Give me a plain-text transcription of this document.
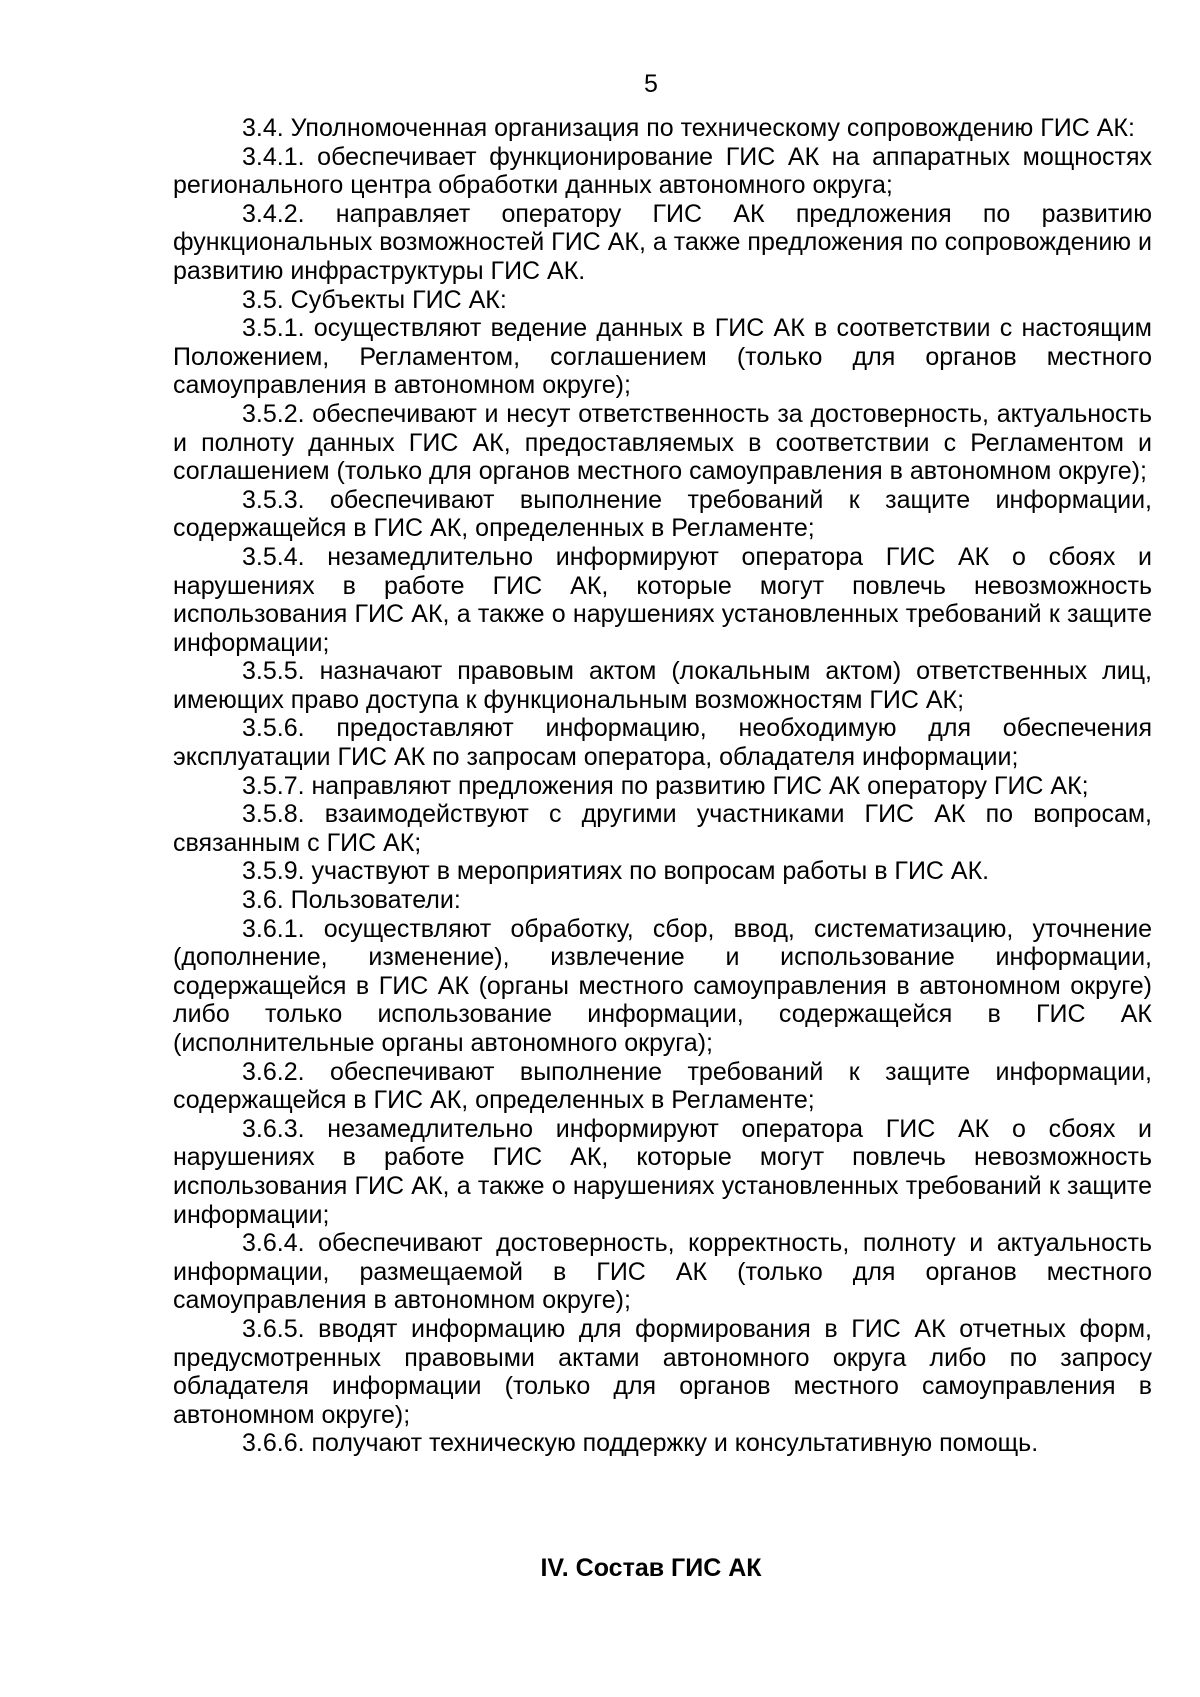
5

3.4. Уполномоченная организация по техническому сопровождению ГИС АК:

3.4.1. обеспечивает функционирование ГИС АК на аппаратных мощностях регионального центра обработки данных автономного округа;

3.4.2. направляет оператору ГИС АК предложения по развитию функциональных возможностей ГИС АК, а также предложения по сопровождению и развитию инфраструктуры ГИС АК.

3.5. Субъекты ГИС АК:

3.5.1. осуществляют ведение данных в ГИС АК в соответствии с настоящим Положением, Регламентом, соглашением (только для органов местного самоуправления в автономном округе);

3.5.2. обеспечивают и несут ответственность за достоверность, актуальность и полноту данных ГИС АК, предоставляемых в соответствии с Регламентом и соглашением (только для органов местного самоуправления в автономном округе);

3.5.3. обеспечивают выполнение требований к защите информации, содержащейся в ГИС АК, определенных в Регламенте;

3.5.4. незамедлительно информируют оператора ГИС АК о сбоях и нарушениях в работе ГИС АК, которые могут повлечь невозможность использования ГИС АК, а также о нарушениях установленных требований к защите информации;

3.5.5. назначают правовым актом (локальным актом) ответственных лиц, имеющих право доступа к функциональным возможностям ГИС АК;

3.5.6. предоставляют информацию, необходимую для обеспечения эксплуатации ГИС АК по запросам оператора, обладателя информации;

3.5.7. направляют предложения по развитию ГИС АК оператору ГИС АК;

3.5.8. взаимодействуют с другими участниками ГИС АК по вопросам, связанным с ГИС АК;

3.5.9. участвуют в мероприятиях по вопросам работы в ГИС АК.

3.6. Пользователи:

3.6.1. осуществляют обработку, сбор, ввод, систематизацию, уточнение (дополнение, изменение), извлечение и использование информации, содержащейся в ГИС АК (органы местного самоуправления в автономном округе) либо только использование информации, содержащейся в ГИС АК (исполнительные органы автономного округа);

3.6.2. обеспечивают выполнение требований к защите информации, содержащейся в ГИС АК, определенных в Регламенте;

3.6.3. незамедлительно информируют оператора ГИС АК о сбоях и нарушениях в работе ГИС АК, которые могут повлечь невозможность использования ГИС АК, а также о нарушениях установленных требований к защите информации;

3.6.4. обеспечивают достоверность, корректность, полноту и актуальность информации, размещаемой в ГИС АК (только для органов местного самоуправления в автономном округе);

3.6.5. вводят информацию для формирования в ГИС АК отчетных форм, предусмотренных правовыми актами автономного округа либо по запросу обладателя информации (только для органов местного самоуправления в автономном округе);

3.6.6. получают техническую поддержку и консультативную помощь.

IV. Состав ГИС АК
